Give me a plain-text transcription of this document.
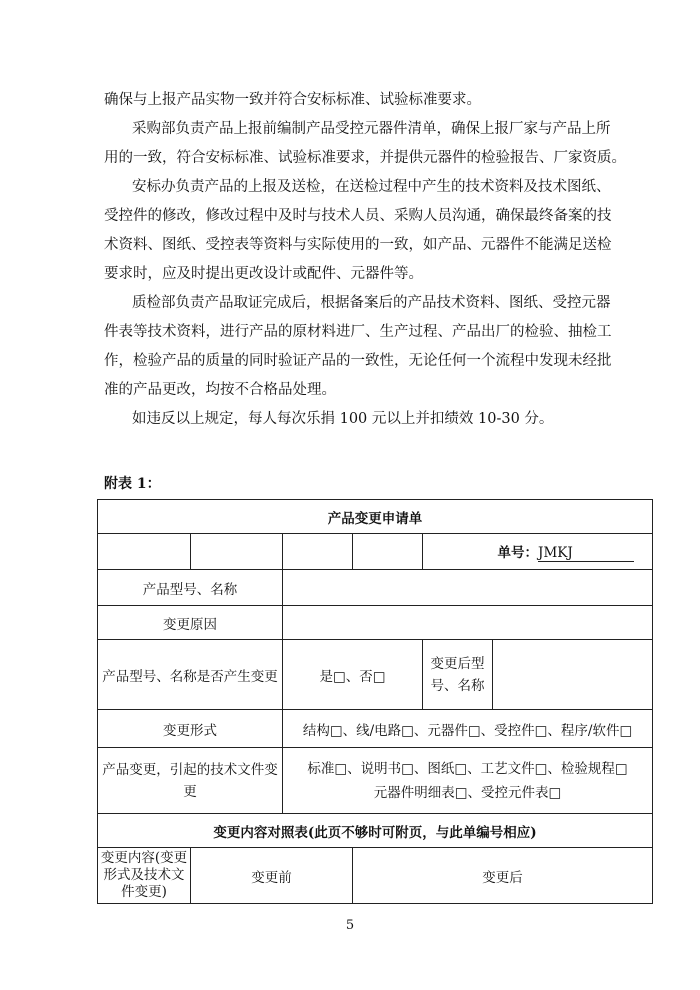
确保与上报产品实物一致并符合安标标准、试验标准要求。
采购部负责产品上报前编制产品受控元器件清单，确保上报厂家与产品上所
用的一致，符合安标标准、试验标准要求，并提供元器件的检验报告、厂家资质。
安标办负责产品的上报及送检，在送检过程中产生的技术资料及技术图纸、
受控件的修改，修改过程中及时与技术人员、采购人员沟通，确保最终备案的技
术资料、图纸、受控表等资料与实际使用的一致，如产品、元器件不能满足送检
要求时，应及时提出更改设计或配件、元器件等。
质检部负责产品取证完成后，根据备案后的产品技术资料、图纸、受控元器
件表等技术资料，进行产品的原材料进厂、生产过程、产品出厂的检验、抽检工
作，检验产品的质量的同时验证产品的一致性，无论任何一个流程中发现未经批
准的产品更改，均按不合格品处理。
如违反以上规定，每人每次乐捐 100 元以上并扣绩效 10-30 分。
附表 1：
产品变更申请单					
				单号：JMKJ	
产品型号、名称					
变更原因					
产品型号、名称是否产生变更		是□、否□		变更后型号、名称	
变更形式		结构□、线/电路□、元器件□、受控件□、程序/软件□			
产品变更，引起的技术文件变更		标准□、说明书□、图纸□、工艺文件□、检验规程□
元器件明细表□、受控元件表□			

变更内容对照表(此页不够时可附页，与此单编号相应)					
变更内容(变更形式及技术文件变更)	变更前		变更后		
5
